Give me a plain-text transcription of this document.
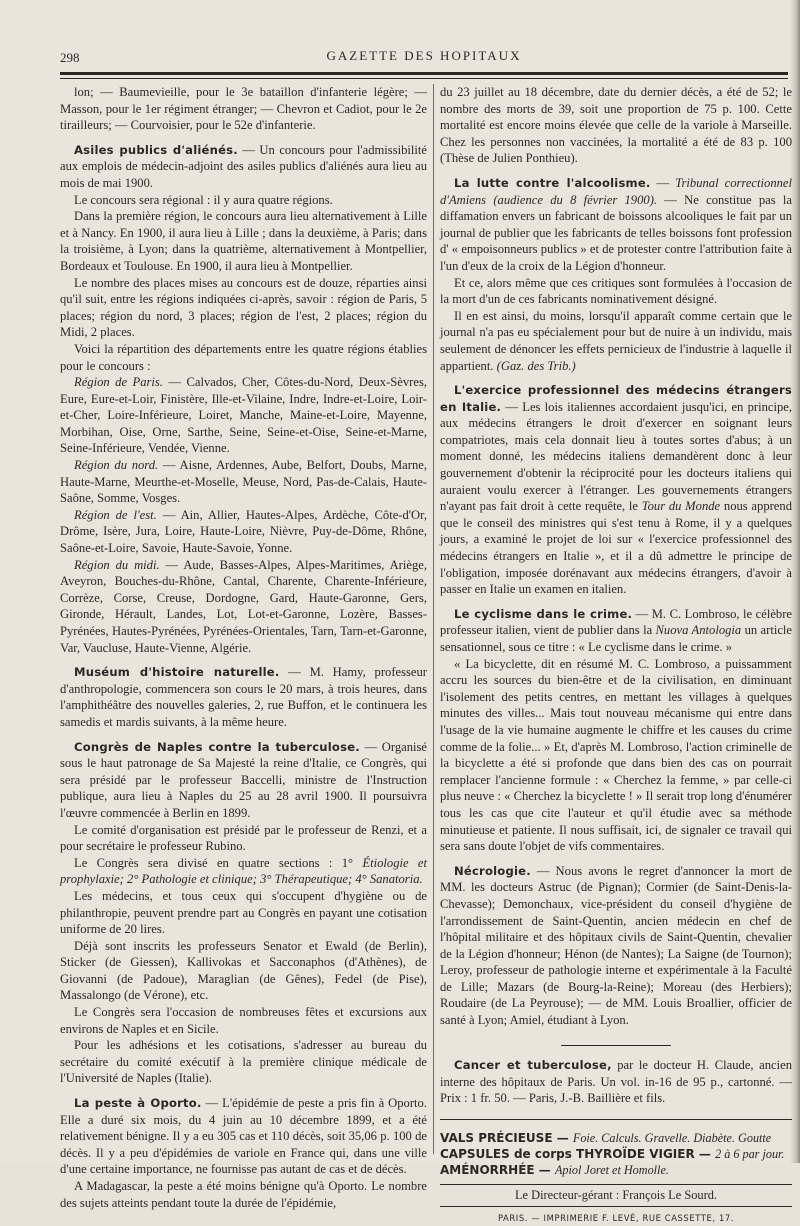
298	GAZETTE DES HOPITAUX

lon; — Baumevieille, pour le 3e bataillon d'infanterie légère; — Masson, pour le 1er régiment étranger; — Chevron et Cadiot, pour le 2e tirailleurs; — Courvoisier, pour le 52e d'infanterie.

Asiles publics d'aliénés. — Un concours pour l'admissibilité aux emplois de médecin-adjoint des asiles publics d'aliénés aura lieu au mois de mai 1900.

Le concours sera régional : il y aura quatre régions.

Dans la première région, le concours aura lieu alternativement à Lille et à Nancy. En 1900, il aura lieu à Lille ; dans la deuxième, à Paris; dans la troisième, à Lyon; dans la quatrième, alternativement à Montpellier, Bordeaux et Toulouse. En 1900, il aura lieu à Montpellier.

Le nombre des places mises au concours est de douze, réparties ainsi qu'il suit, entre les régions indiquées ci-après, savoir : région de Paris, 5 places; région du nord, 3 places; région de l'est, 2 places; région du Midi, 2 places.

Voici la répartition des départements entre les quatre régions établies pour le concours :

Région de Paris. — Calvados, Cher, Côtes-du-Nord, Deux-Sèvres, Eure, Eure-et-Loir, Finistère, Ille-et-Vilaine, Indre, Indre-et-Loire, Loir-et-Cher, Loire-Inférieure, Loiret, Manche, Maine-et-Loire, Mayenne, Morbihan, Oise, Orne, Sarthe, Seine, Seine-et-Oise, Seine-et-Marne, Seine-Inférieure, Vendée, Vienne.

Région du nord. — Aisne, Ardennes, Aube, Belfort, Doubs, Marne, Haute-Marne, Meurthe-et-Moselle, Meuse, Nord, Pas-de-Calais, Haute-Saône, Somme, Vosges.

Région de l'est. — Ain, Allier, Hautes-Alpes, Ardèche, Côte-d'Or, Drôme, Isère, Jura, Loire, Haute-Loire, Nièvre, Puy-de-Dôme, Rhône, Saône-et-Loire, Savoie, Haute-Savoie, Yonne.

Région du midi. — Aude, Basses-Alpes, Alpes-Maritimes, Ariège, Aveyron, Bouches-du-Rhône, Cantal, Charente, Charente-Inférieure, Corrèze, Corse, Creuse, Dordogne, Gard, Haute-Garonne, Gers, Gironde, Hérault, Landes, Lot, Lot-et-Garonne, Lozère, Basses-Pyrénées, Hautes-Pyrénées, Pyrénées-Orientales, Tarn, Tarn-et-Garonne, Var, Vaucluse, Haute-Vienne, Algérie.

Muséum d'histoire naturelle. — M. Hamy, professeur d'anthropologie, commencera son cours le 20 mars, à trois heures, dans l'amphithéâtre des nouvelles galeries, 2, rue Buffon, et le continuera les samedis et mardis suivants, à la même heure.

Congrès de Naples contre la tuberculose. — Organisé sous le haut patronage de Sa Majesté la reine d'Italie, ce Congrès, qui sera présidé par le professeur Baccelli, ministre de l'Instruction publique, aura lieu à Naples du 25 au 28 avril 1900. Il poursuivra l'œuvre commencée à Berlin en 1899.

Le comité d'organisation est présidé par le professeur de Renzi, et a pour secrétaire le professeur Rubino.

Le Congrès sera divisé en quatre sections : 1° Étiologie et prophylaxie; 2° Pathologie et clinique; 3° Thérapeutique; 4° Sanatoria.

Les médecins, et tous ceux qui s'occupent d'hygiène ou de philanthropie, peuvent prendre part au Congrès en payant une cotisation uniforme de 20 lires.

Déjà sont inscrits les professeurs Senator et Ewald (de Berlin), Sticker (de Giessen), Kallivokas et Sacconaphos (d'Athènes), de Giovanni (de Padoue), Maraglian (de Gênes), Fedel (de Pise), Massalongo (de Vérone), etc.

Le Congrès sera l'occasion de nombreuses fêtes et excursions aux environs de Naples et en Sicile.

Pour les adhésions et les cotisations, s'adresser au bureau du secrétaire du comité exécutif à la première clinique médicale de l'Université de Naples (Italie).

La peste à Oporto. — L'épidémie de peste a pris fin à Oporto. Elle a duré six mois, du 4 juin au 10 décembre 1899, et a été relativement bénigne. Il y a eu 305 cas et 110 décès, soit 35,06 p. 100 de décès. Il y a peu d'épidémies de variole en France qui, dans une ville d'une certaine importance, ne fournisse pas autant de cas et de décès.

A Madagascar, la peste a été moins bénigne qu'à Oporto. Le nombre des sujets atteints pendant toute la durée de l'épidémie,

du 23 juillet au 18 décembre, date du dernier décès, a été de 52; le nombre des morts de 39, soit une proportion de 75 p. 100. Cette mortalité est encore moins élevée que celle de la variole à Marseille. Chez les personnes non vaccinées, la mortalité a été de 83 p. 100 (Thèse de Julien Ponthieu).

La lutte contre l'alcoolisme. — Tribunal correctionnel d'Amiens (audience du 8 février 1900). — Ne constitue pas la diffamation envers un fabricant de boissons alcooliques le fait par un journal de publier que les fabricants de telles boissons font profession d' « empoisonneurs publics » et de protester contre l'attribution faite à l'un d'eux de la croix de la Légion d'honneur.

Et ce, alors même que ces critiques sont formulées à l'occasion de la mort d'un de ces fabricants nominativement désigné.

Il en est ainsi, du moins, lorsqu'il apparaît comme certain que le journal n'a pas eu spécialement pour but de nuire à un individu, mais seulement de dénoncer les effets pernicieux de l'industrie à laquelle il appartient. (Gaz. des Trib.)

L'exercice professionnel des médecins étrangers en Italie. — Les lois italiennes accordaient jusqu'ici, en principe, aux médecins étrangers le droit d'exercer en soignant leurs compatriotes, mais cela donnait lieu à toutes sortes d'abus; à un moment donné, les médecins italiens demandèrent donc à leur gouvernement d'obtenir la réciprocité pour les docteurs italiens qui auraient voulu exercer à l'étranger. Les gouvernements étrangers n'ayant pas fait droit à cette requête, le Tour du Monde nous apprend que le conseil des ministres qui s'est tenu à Rome, il y a quelques jours, a examiné le projet de loi sur « l'exercice professionnel des médecins étrangers en Italie », et il a dû admettre le principe de l'obligation, imposée dorénavant aux médecins étrangers, d'avoir à passer en Italie un examen en italien.

Le cyclisme dans le crime. — M. C. Lombroso, le célèbre professeur italien, vient de publier dans la Nuova Antologia un article sensationnel, sous ce titre : « Le cyclisme dans le crime. »

« La bicyclette, dit en résumé M. C. Lombroso, a puissamment accru les sources du bien-être et de la civilisation, en diminuant l'isolement des petits centres, en mettant les villages à quelques minutes des villes... Mais tout nouveau mécanisme qui entre dans l'usage de la vie humaine augmente le chiffre et les causes du crime comme de la folie... » Et, d'après M. Lombroso, l'action criminelle de la bicyclette a été si profonde que dans bien des cas on pourrait remplacer l'ancienne formule : « Cherchez la femme, » par celle-ci plus neuve : « Cherchez la bicyclette ! » Il serait trop long d'énumérer tous les cas que cite l'auteur et qu'il étudie avec sa méthode minutieuse et patiente. Il nous suffisait, ici, de signaler ce travail qui sera sans doute l'objet de vifs commentaires.

Nécrologie. — Nous avons le regret d'annoncer la mort de MM. les docteurs Astruc (de Pignan); Cormier (de Saint-Denis-la-Chevasse); Demonchaux, vice-président du conseil d'hygiène de l'arrondissement de Saint-Quentin, ancien médecin en chef de l'hôpital militaire et des hôpitaux civils de Saint-Quentin, chevalier de la Légion d'honneur; Hénon (de Nantes); La Saigne (de Tournon); Leroy, professeur de pathologie interne et expérimentale à la Faculté de Lille; Mazars (de Bourg-la-Reine); Moreau (des Herbiers); Roudaire (de La Peyrouse); — de MM. Louis Broallier, officier de santé à Lyon; Amiel, étudiant à Lyon.

Cancer et tuberculose, par le docteur H. Claude, ancien interne des hôpitaux de Paris. Un vol. in-16 de 95 p., cartonné. — Prix : 1 fr. 50. — Paris, J.-B. Baillière et fils.

VALS PRÉCIEUSE — Foie. Calculs. Gravelle. Diabète. Goutte
CAPSULES de corps THYROÏDE VIGIER — 2 à 6 par jour.
AMÉNORRHÉE — Apiol Joret et Homolle.
Le Directeur-gérant : François Le Sourd.
PARIS. — IMPRIMERIE F. LEVÉ, RUE CASSETTE, 17.
